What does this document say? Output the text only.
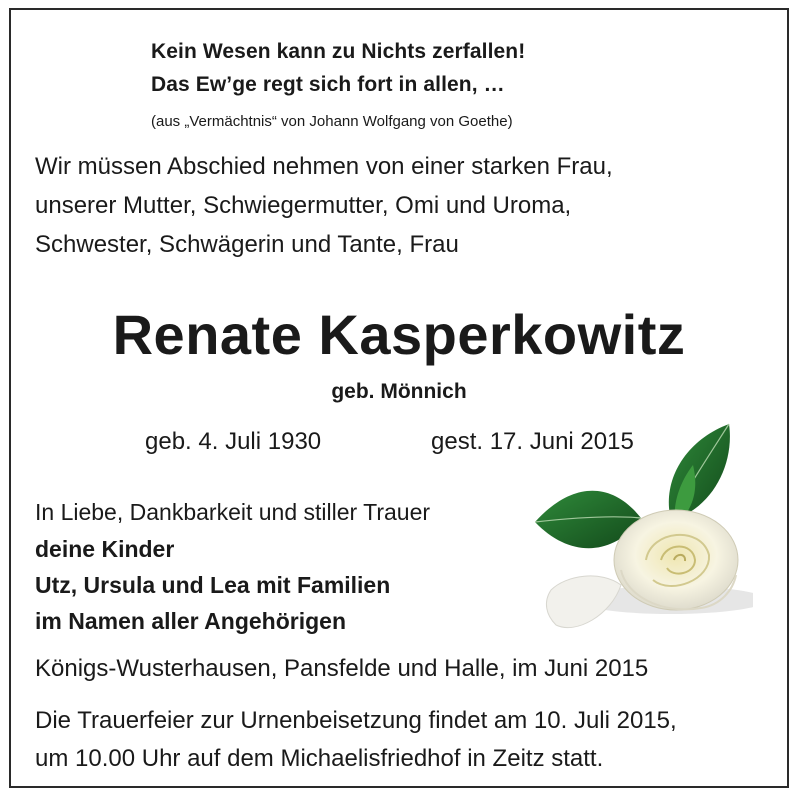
Kein Wesen kann zu Nichts zerfallen!
Das Ew’ge regt sich fort in allen, …
(aus „Vermächtnis“ von Johann Wolfgang von Goethe)
Wir müssen Abschied nehmen von einer starken Frau,
unserer Mutter, Schwiegermutter, Omi und Uroma,
Schwester, Schwägerin und Tante, Frau
Renate Kasperkowitz
geb. Mönnich
geb. 4. Juli 1930	gest. 17. Juni 2015
In Liebe, Dankbarkeit und stiller Trauer
deine Kinder
Utz, Ursula und Lea mit Familien
im Namen aller Angehörigen
Königs-Wusterhausen, Pansfelde und Halle, im Juni 2015
Die Trauerfeier zur Urnenbeisetzung findet am 10. Juli 2015,
um 10.00 Uhr auf dem Michaelisfriedhof in Zeitz statt.
